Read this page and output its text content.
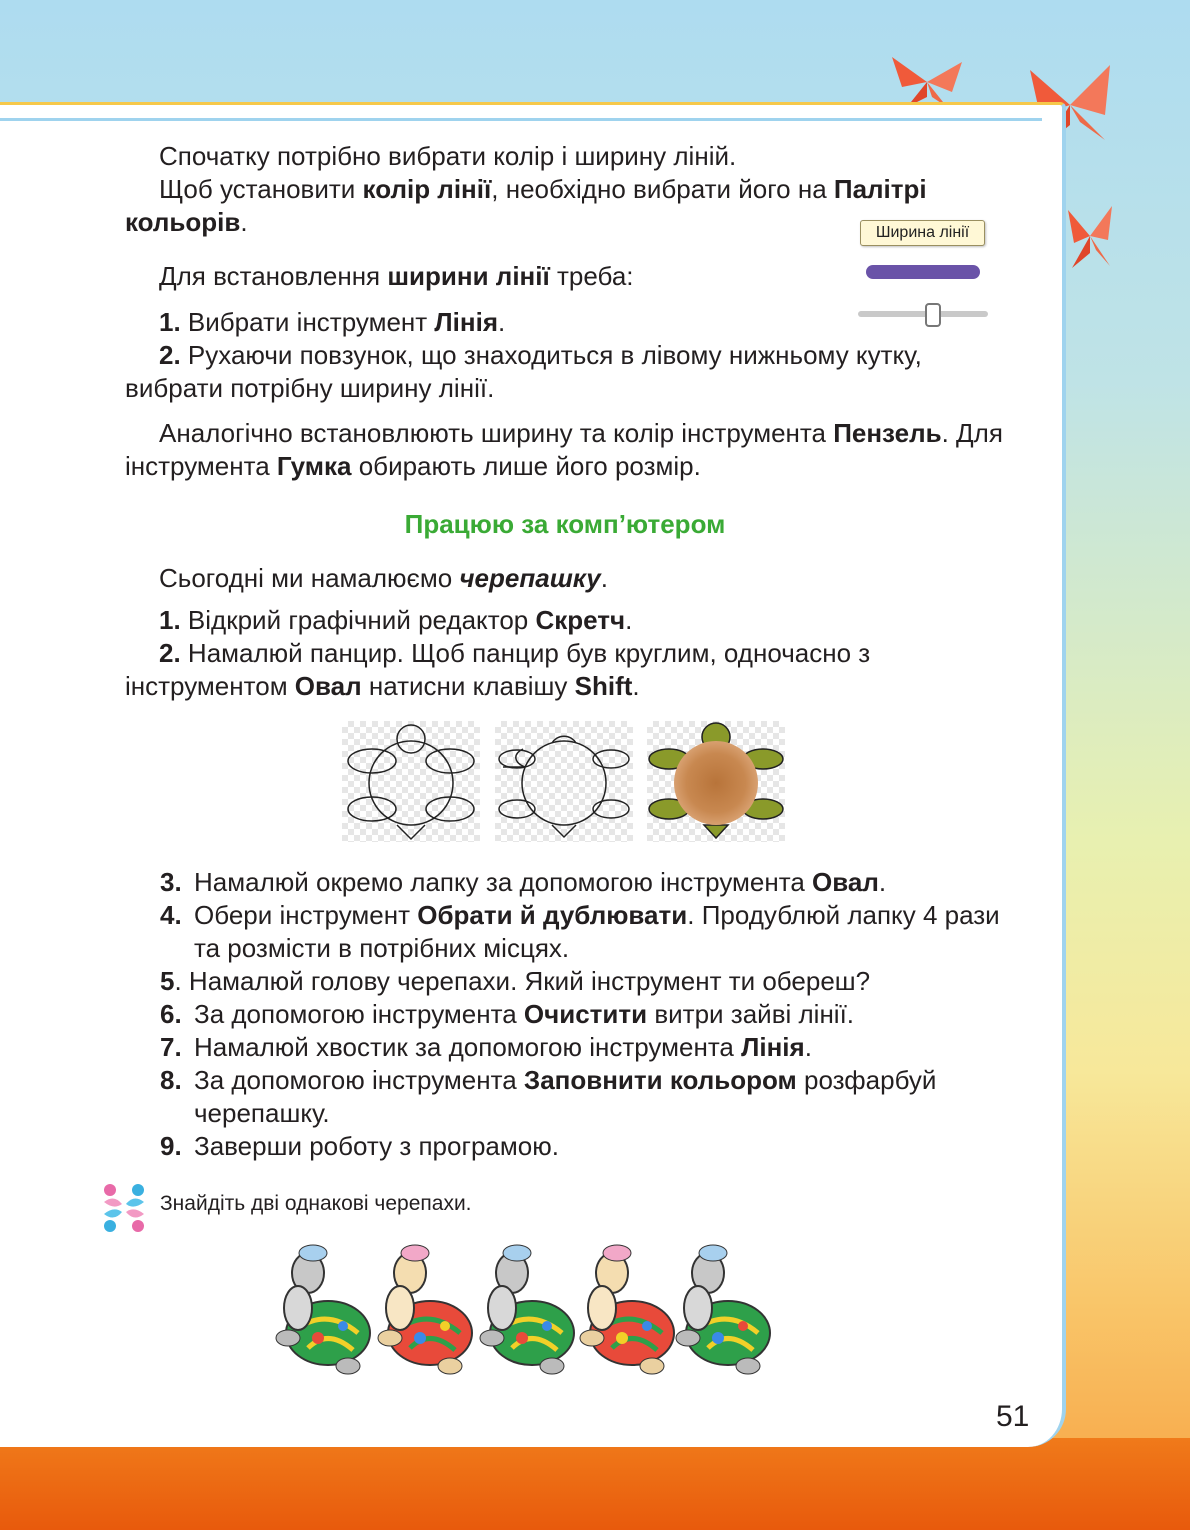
Спочатку потрібно вибрати колір і ширину ліній.

Щоб установити колір лінії, необхідно вибрати його на Палітрі кольорів.

Для встановлення ширини лінії треба:

1. Вибрати інструмент Лінія.

2. Рухаючи повзунок, що знаходиться в лівому нижньому кутку, вибрати потрібну ширину лінії.

Аналогічно встановлюють ширину та колір інструмента Пензель. Для інструмента Гумка обирають лише його розмір.

Ширина лінії
Працюю за комп’ютером

Сьогодні ми намалюємо черепашку.

1. Відкрий графічний редактор Скретч.

2. Намалюй панцир. Щоб панцир був круглим, одночасно з інструментом Овал натисни клавішу Shift.

3. Намалюй окремо лапку за допомогою інструмента Овал.
4. Обери інструмент Обрати й дублювати. Продублюй лапку 4 рази та розмісти в потрібних місцях.
5. Намалюй голову черепахи. Який інструмент ти обереш?
6. За допомогою інструмента Очистити витри зайві лінії.
7. Намалюй хвостик за допомогою інструмента Лінія.
8. За допомогою інструмента Заповнити кольором розфарбуй черепашку.
9. Заверши роботу з програмою.
Знайдіть дві однакові черепахи.
51
